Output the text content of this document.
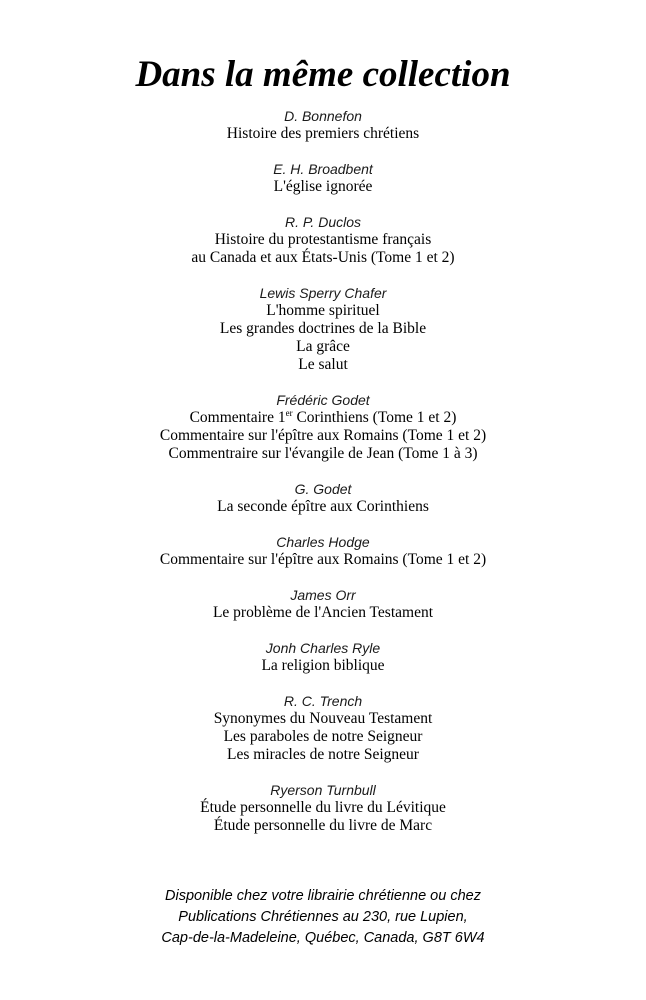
Dans la même collection
D. Bonnefon
Histoire des premiers chrétiens
E. H. Broadbent
L'église ignorée
R. P. Duclos
Histoire du protestantisme français
au Canada et aux États-Unis (Tome 1 et 2)
Lewis Sperry Chafer
L'homme spirituel
Les grandes doctrines de la Bible
La grâce
Le salut
Frédéric Godet
Commentaire 1er Corinthiens (Tome 1 et 2)
Commentaire sur l'épître aux Romains (Tome 1 et 2)
Commentraire sur l'évangile de Jean (Tome 1 à 3)
G. Godet
La seconde épître aux Corinthiens
Charles Hodge
Commentaire sur l'épître aux Romains (Tome 1 et 2)
James Orr
Le problème de l'Ancien Testament
Jonh Charles Ryle
La religion biblique
R. C. Trench
Synonymes du Nouveau Testament
Les paraboles de notre Seigneur
Les miracles de notre Seigneur
Ryerson Turnbull
Étude personnelle du livre du Lévitique
Étude personnelle du livre de Marc
Disponible chez votre librairie chrétienne ou chez
Publications Chrétiennes au 230, rue Lupien,
Cap-de-la-Madeleine, Québec, Canada, G8T 6W4
